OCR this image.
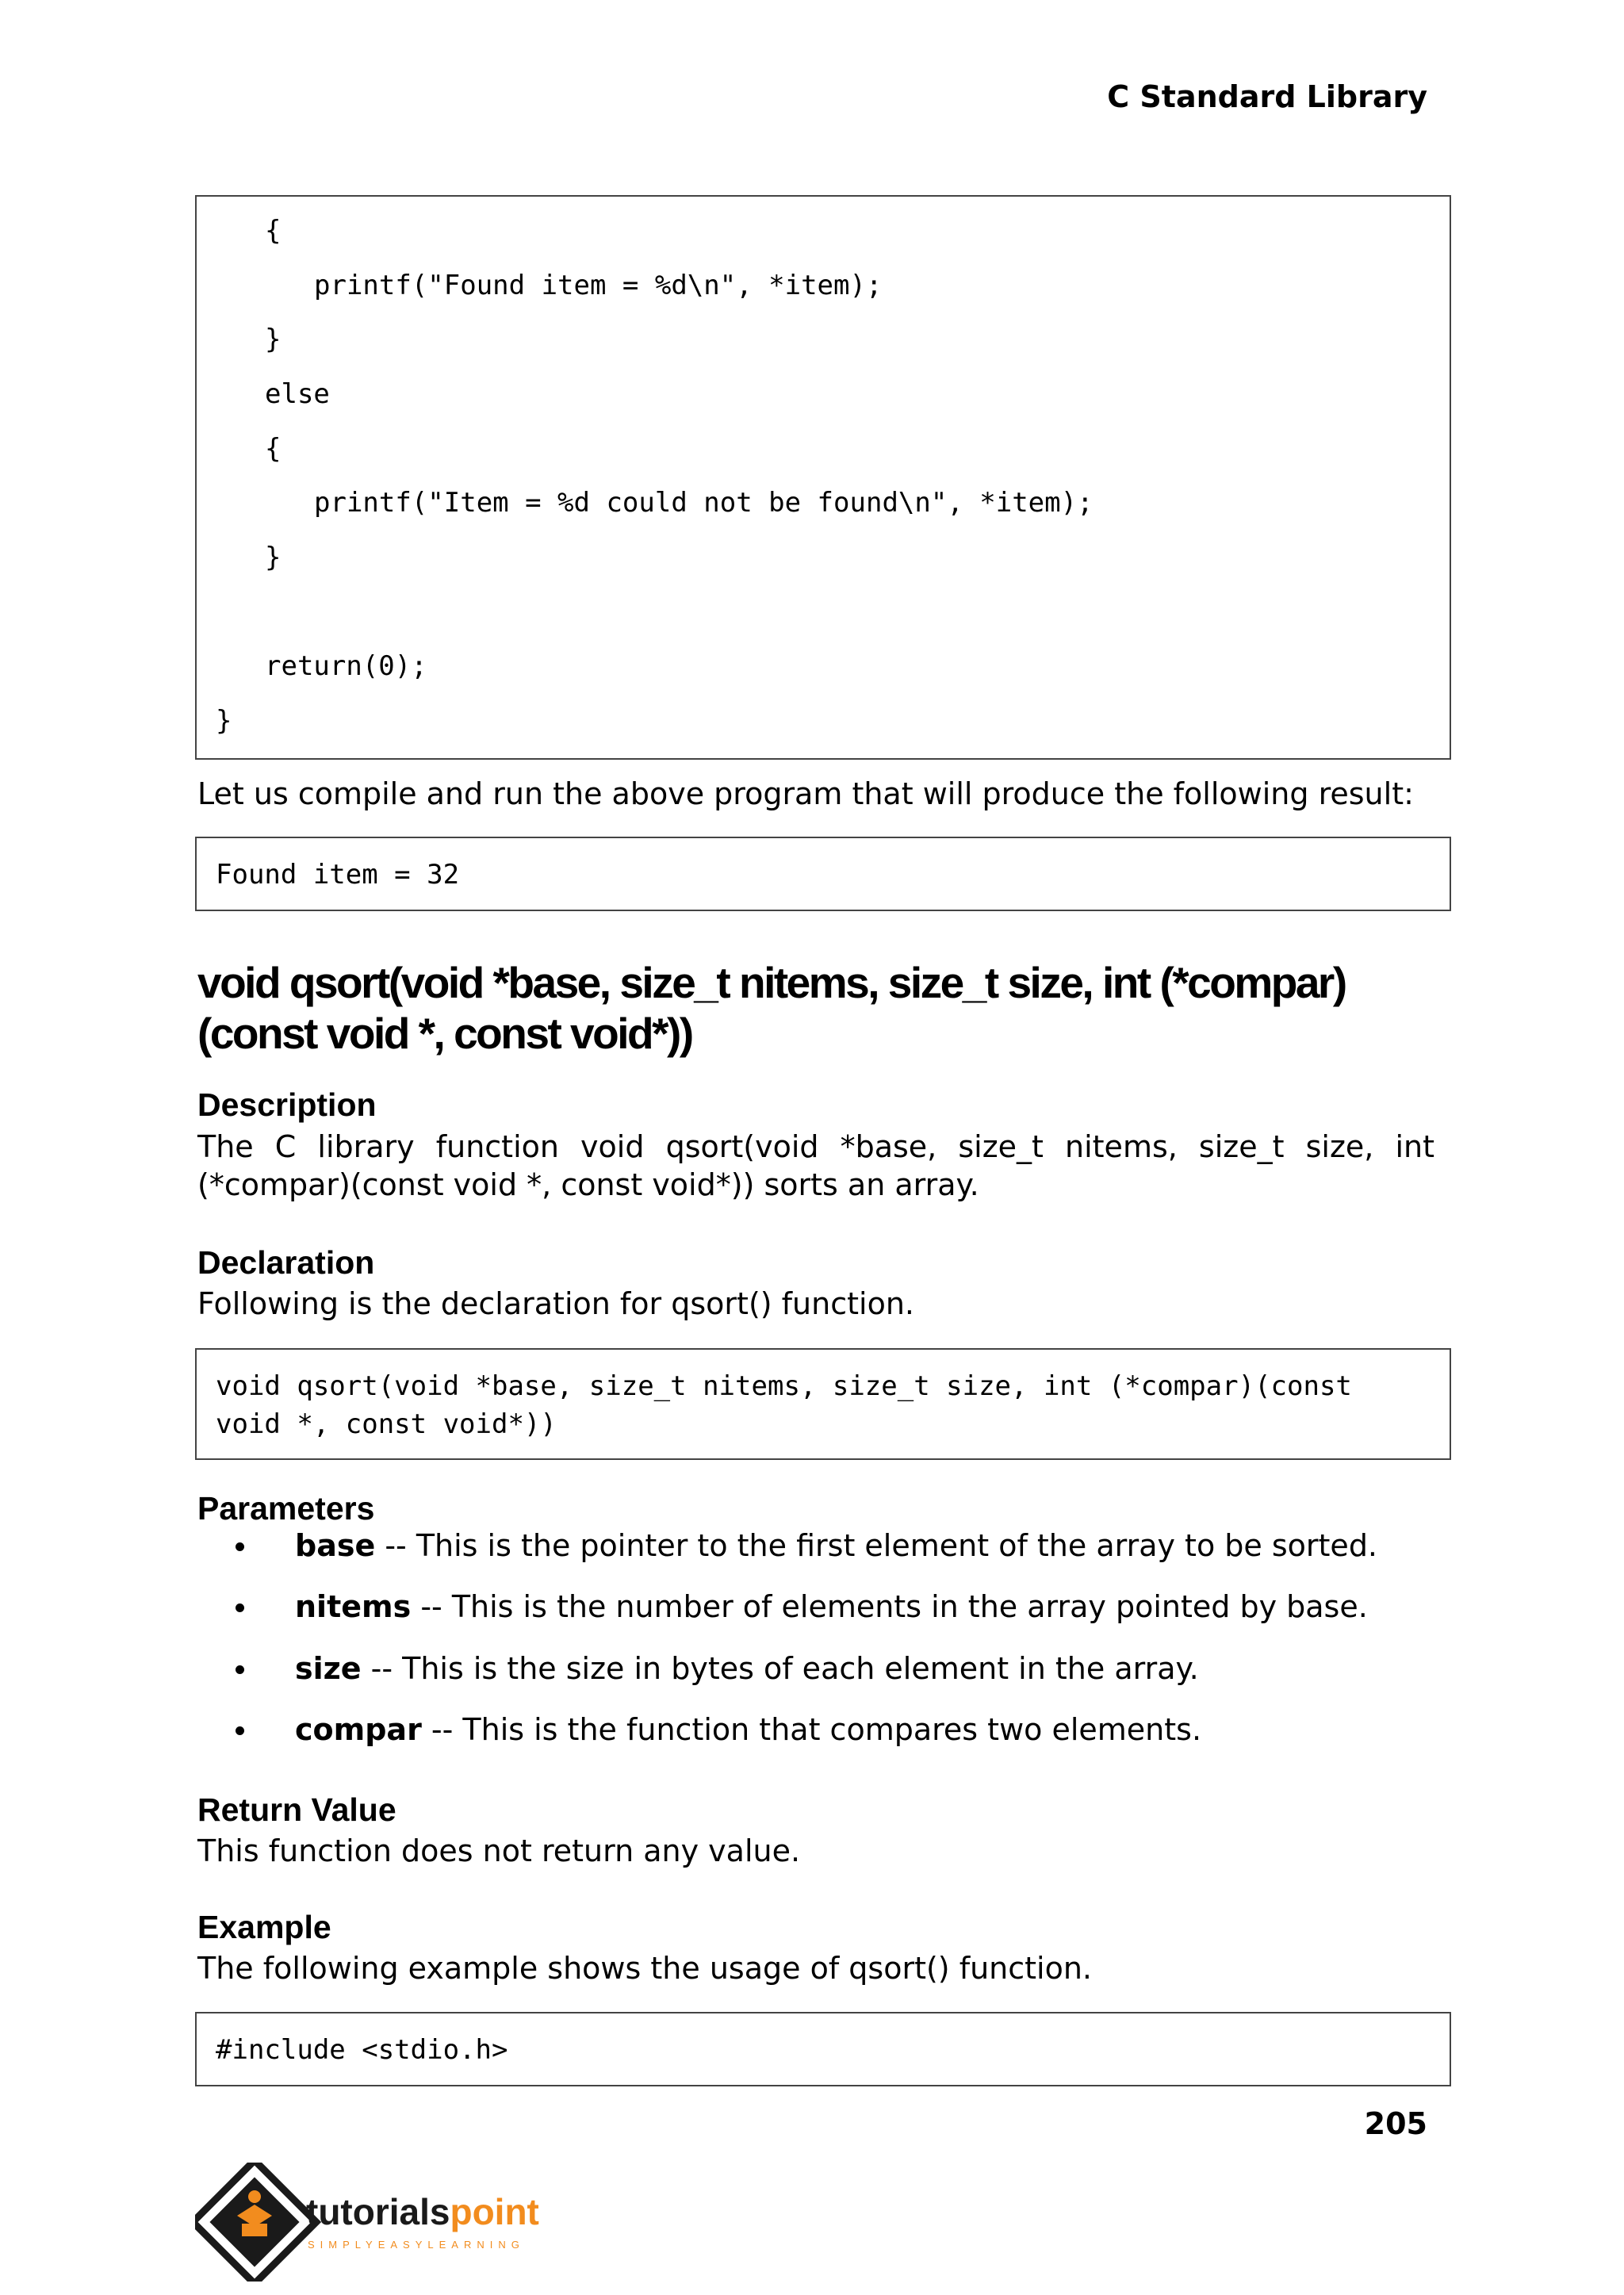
C Standard Library
{
printf("Found item = %d\n", *item);
}
else
{
printf("Item = %d could not be found\n", *item);
}
return(0);
}
Let us compile and run the above program that will produce the following result:
Found item = 32
void qsort(void *base, size_t nitems, size_t size, int (*compar)(const void *, const void*))
Description
The C library function void qsort(void *base, size_t nitems, size_t size, int (*compar)(const void *, const void*)) sorts an array.
Declaration
Following is the declaration for qsort() function.
void qsort(void *base, size_t nitems, size_t size, int (*compar)(const
void *, const void*))
Parameters
base -- This is the pointer to the first element of the array to be sorted.
nitems -- This is the number of elements in the array pointed by base.
size -- This is the size in bytes of each element in the array.
compar -- This is the function that compares two elements.
Return Value
This function does not return any value.
Example
The following example shows the usage of qsort() function.
#include <stdio.h>
205
tutorialspoint
SIMPLYEASYLEARNING
